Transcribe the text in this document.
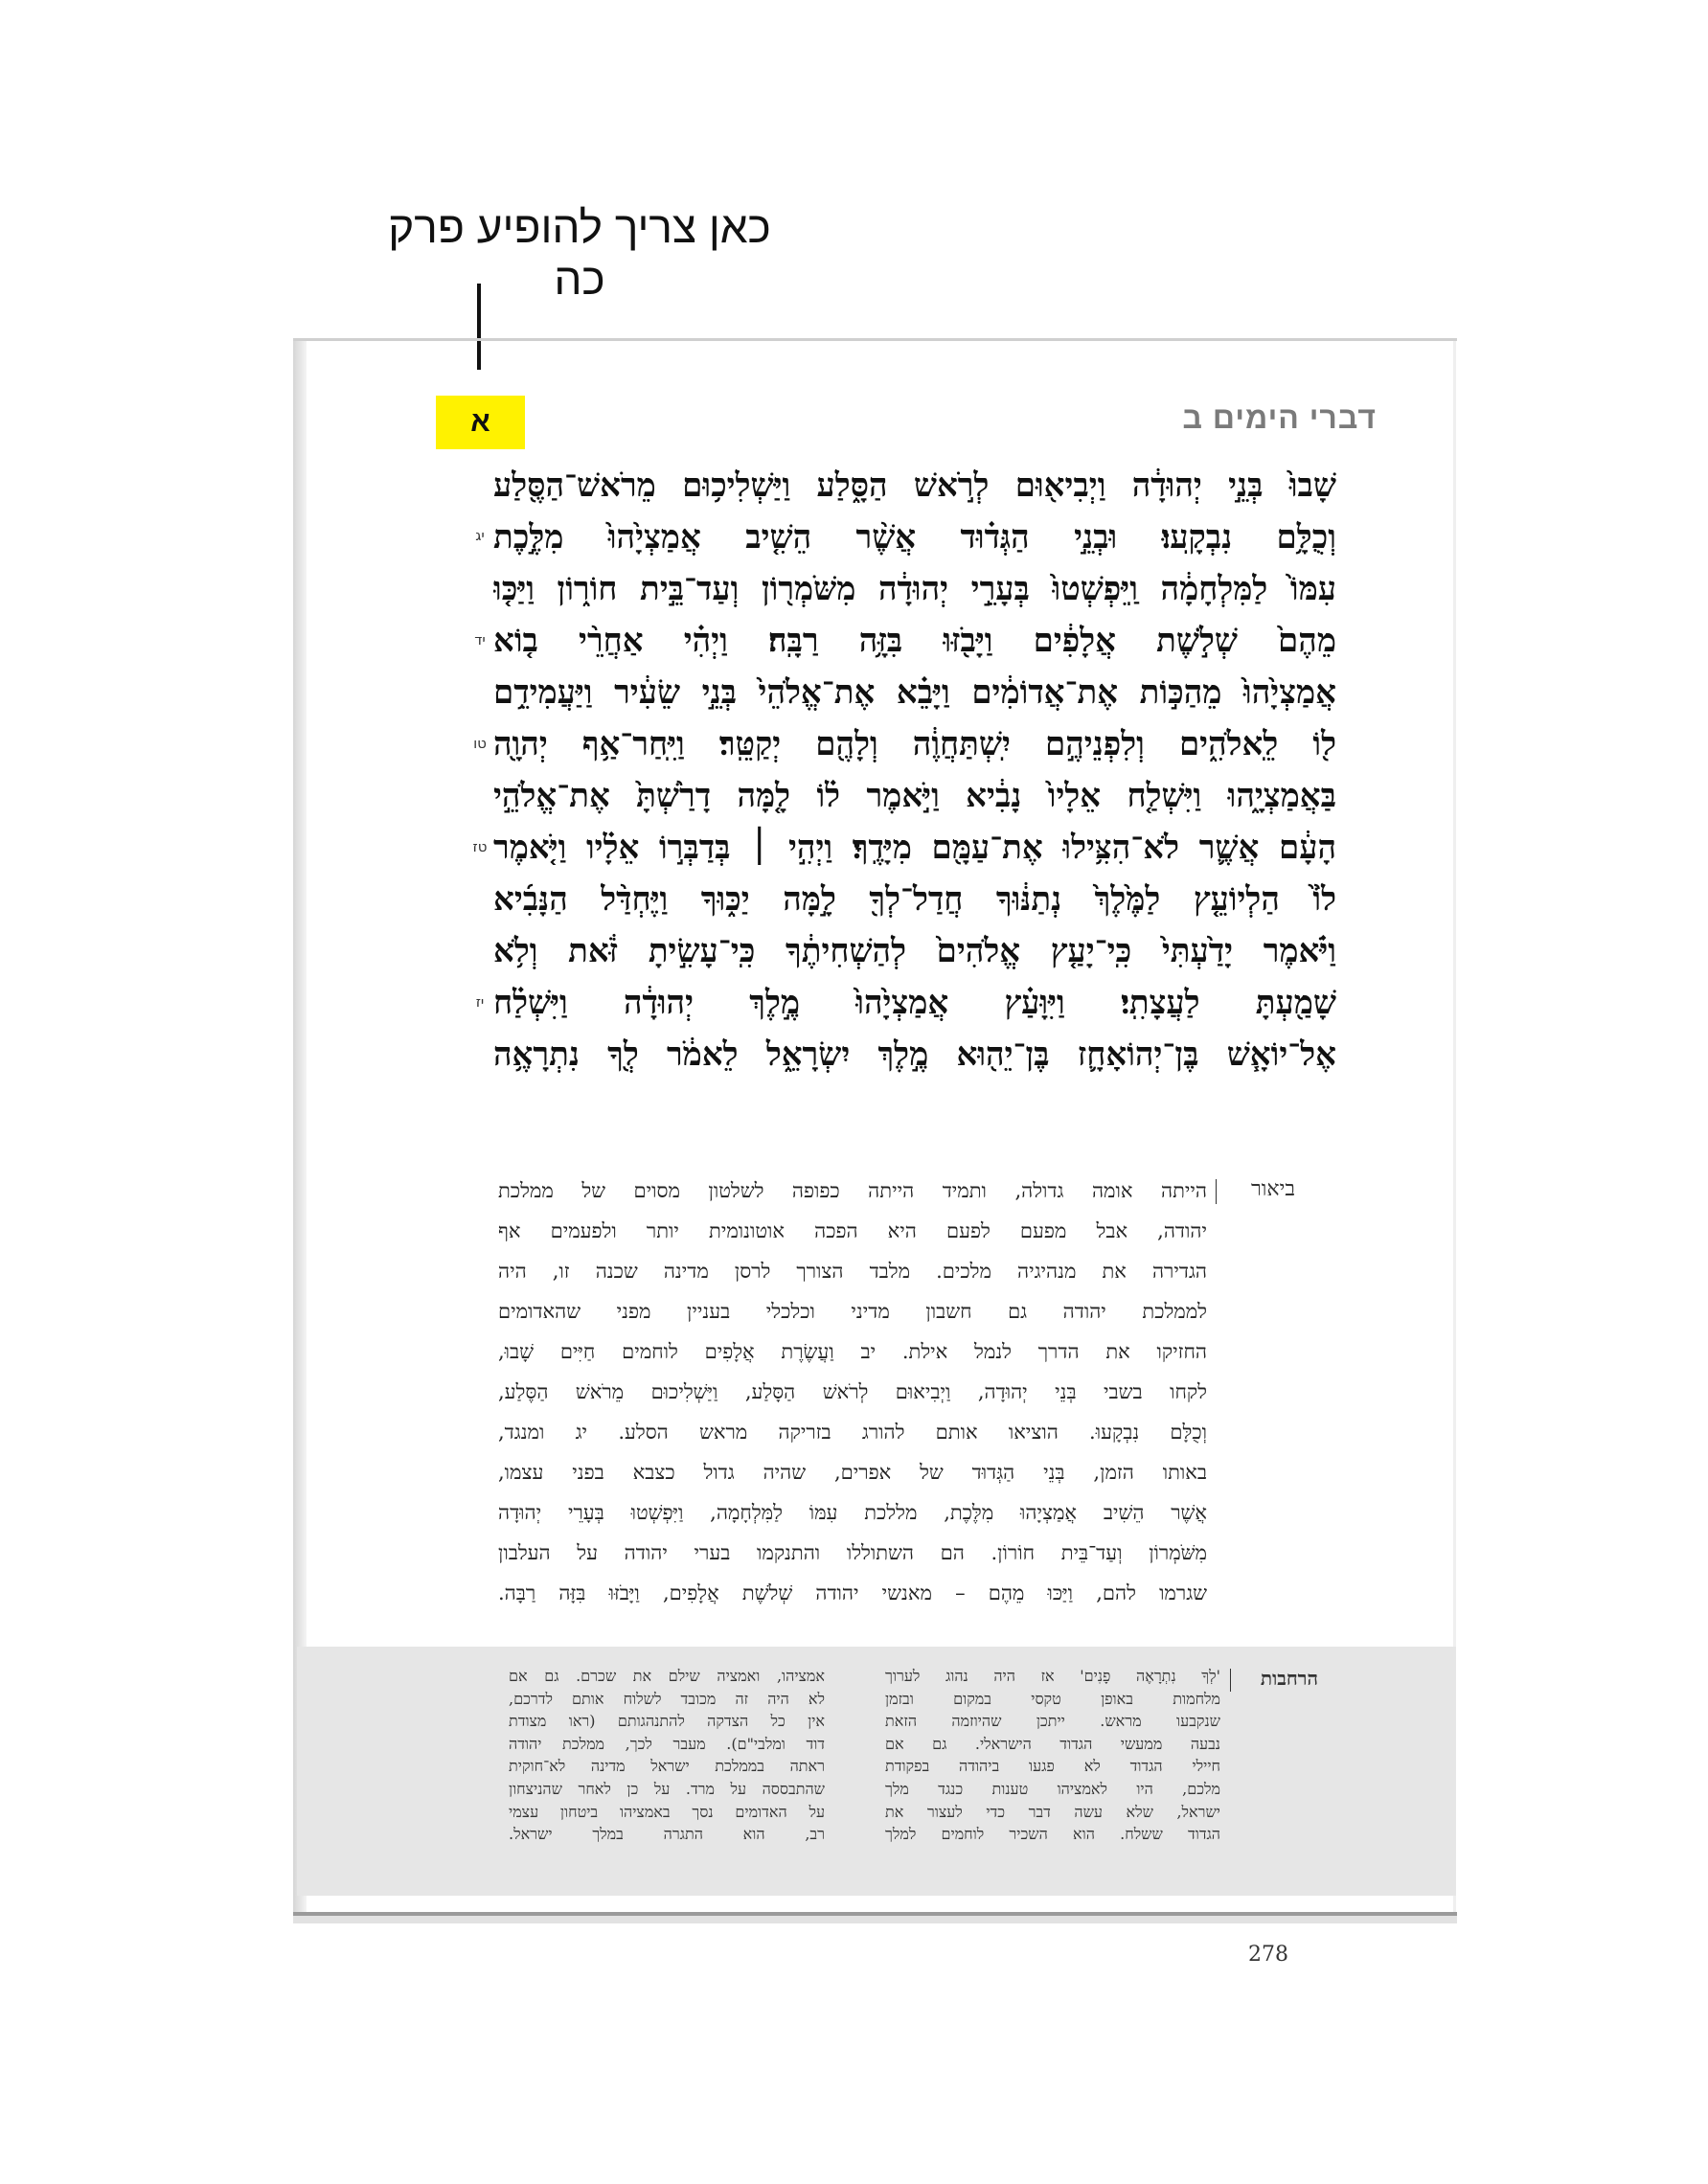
כאן צריך להופיע פרק כה
א	דברי הימים ב
יג
יד
טו
טז
יז
שָׁבוּ֙ בְּנֵ֣י יְהוּדָ֔ה וַיְבִיא֖וּם לְרֹ֣אשׁ הַסָּ֑לַע וַיַּשְׁלִיכ֥וּם מֵרֹאשׁ־הַסֶּ֖לַע
וְכֻלָּ֥ם נִבְקָֽעוּ׃ וּבְנֵ֣י הַגְּד֗וּד אֲשֶׁ֨ר הֵשִׁ֤יב אֲמַצְיָ֙הוּ֙ מִלֶּ֣כֶת
עִמּוֹ֙ לַמִּלְחָמָ֔ה וַֽיִּפְשְׁטוּ֙ בְּעָרֵ֣י יְהוּדָ֔ה מִשֹּׁמְר֖וֹן וְעַד־בֵּ֣ית חוֹר֑וֹן וַיַּכּ֤וּ
מֵהֶם֙ שְׁלֹ֣שֶׁת אֲלָפִ֔ים וַיָּבֹ֖זּוּ בִּזָּ֥ה רַבָּֽה׃ וַיְהִ֗י אַחֲרֵ֨י ב֤וֹא
אֲמַצְיָ֙הוּ֙ מֵהַכּ֣וֹת אֶת־אֲדוֹמִ֔ים וַיָּבֵ֗א אֶת־אֱלֹהֵי֙ בְּנֵ֣י שֵׂעִ֔יר וַיַּעֲמִידֵ֥ם
ל֖וֹ לֵֽאלֹהִ֑ים וְלִפְנֵיהֶ֣ם יִֽשְׁתַּחֲוֶ֔ה וְלָהֶ֖ם יְקַטֵּֽר׃ וַיִּֽחַר־אַ֥ף יְהוָ֖ה
בַּאֲמַצְיָ֑הוּ וַיִּשְׁלַ֤ח אֵלָיו֙ נָבִ֔יא וַיֹּ֣אמֶר ל֗וֹ לָ֤מָּה דָרַ֙שְׁתָּ֙ אֶת־אֱלֹהֵ֣י
הָעָ֔ם אֲשֶׁ֛ר לֹא־הִצִּ֥ילוּ אֶת־עַמָּ֖ם מִיָּדֶֽךָ׃ וַיְהִ֣י ׀ בְּדַבְּר֣וֹ אֵלָ֗יו וַיֹּ֤אמֶר
ל֙וֹ֙ הַלְיוֹעֵ֤ץ לַמֶּ֙לֶךְ֙ נְתַנּ֔וּךָ חֲדַל־לְךָ֖ לָ֣מָּה יַכּ֑וּךָ וַיֶּחְדַּ֨ל הַנָּבִ֜יא
וַיֹּ֗אמֶר יָדַ֙עְתִּי֙ כִּֽי־יָעַ֤ץ אֱלֹהִים֙ לְהַשְׁחִיתֶ֔ךָ כִּֽי־עָשִׂ֣יתָ זֹּ֔את וְלֹ֥א
שָׁמַ֖עְתָּ לַעֲצָתִֽי׃ וַיִּוָּעַ֗ץ אֲמַצְיָ֙הוּ֙ מֶ֣לֶךְ יְהוּדָ֔ה וַיִּשְׁלַ֗ח
אֶל־יוֹאָ֧שׁ בֶּן־יְהוֹאָחָ֛ז בֶּן־יֵה֖וּא מֶ֣לֶךְ יִשְׂרָאֵ֑ל לֵאמֹ֔ר לְ֖ךָ נִתְרָאֶ֥ה
ביאור
הייתה אומה גדולה, ותמיד הייתה כפופה לשלטון מסוים של ממלכת
יהודה, אבל מפעם לפעם היא הפכה אוטונומית יותר ולפעמים אף
הגדירה את מנהיגיה מלכים. מלבד הצורך לרסן מדינה שכנה זו, היה
לממלכת יהודה גם חשבון מדיני וכלכלי בעניין מפני שהאדומים
החזיקו את הדרך לנמל אילת. יב וַעֲשֶׂרֶת אֲלָפִים לוחמים חַיִּים שָׁבוּ,
לקחו בשבי בְּנֵי יְהוּדָה, וַיְבִיאוּם לְרֹאשׁ הַסָּלַע, וַיַּשְׁלִיכוּם מֵרֹאשׁ הַסֶּלַע,
וְכֻלָּם נִבְקָעוּ. הוציאו אותם להורג בזריקה מראש הסלע. יג ומנגד,
באותו הזמן, בְּנֵי הַגְּדוּד של אפרים, שהיה גדול כצבא בפני עצמו,
אֲשֶׁר הֵשִׁיב אֲמַצְיָהוּ מִלֶּכֶת, מללכת עִמּוֹ לַמִּלְחָמָה, וַיִּפְשְׁטוּ בְּעָרֵי יְהוּדָה
מִשֹּׁמְרוֹן וְעַד־בֵּית חוֹרוֹן. הם השתוללו והתנקמו בערי יהודה על העלבון
שגרמו להם, וַיַּכּוּ מֵהֶם – מאנשי יהודה שְׁלֹשֶׁת אֲלָפִים, וַיָּבֹזּוּ בִּזָּה רַבָּה.
הרחבות
'לְךָ נִתְרָאֶה פָנִים' אז היה נהוג לערוך
מלחמות באופן טקסי במקום ובזמן
שנקבעו מראש. ייתכן שהיוזמה הזאת
נבעה ממעשי הגדוד הישראלי. גם אם
חיילי הגדוד לא פגעו ביהודה בפקודת
מלכם, היו לאמציהו טענות כנגד מלך
ישראל, שלא עשה דבר כדי לעצור את
הגדוד ששלח. הוא השכיר לוחמים למלך
אמציהו, ואמציה שילם את שכרם. גם אם
לא היה זה מכובד לשלוח אותם לדרכם,
אין כל הצדקה להתנהגותם (ראו מצודת
דוד ומלבי"ם). מעבר לכך, ממלכת יהודה
ראתה בממלכת ישראל מדינה לא־חוקית
שהתבססה על מרד. על כן לאחר שהניצחון
על האדומים נסך באמציהו ביטחון עצמי
רב, הוא התגרה במלך ישראל.
278
